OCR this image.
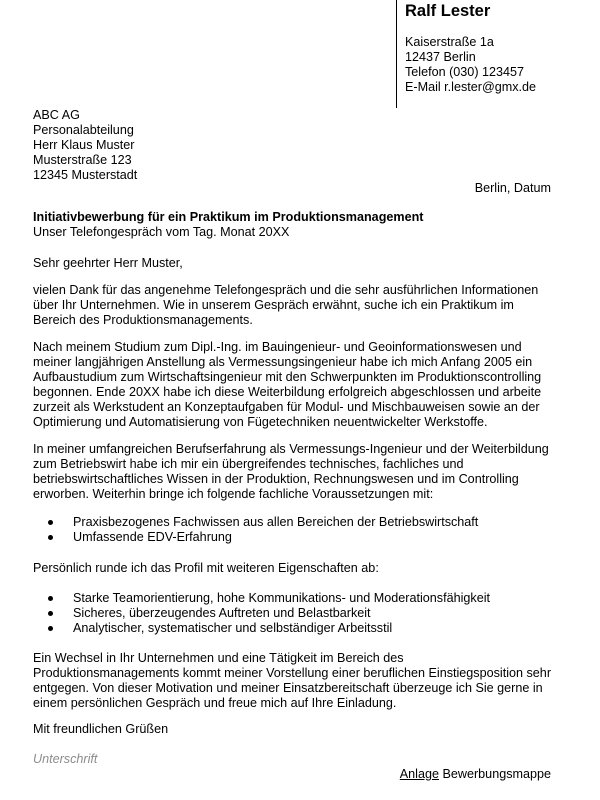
Ralf Lester
Kaiserstraße 1a
12437 Berlin
Telefon (030) 123457
E-Mail r.lester@gmx.de
ABC AG
Personalabteilung
Herr Klaus Muster
Musterstraße 123
12345 Musterstadt
Berlin, Datum
Initiativbewerbung für ein Praktikum im Produktionsmanagement
Unser Telefongespräch vom Tag. Monat 20XX
Sehr geehrter Herr Muster,
vielen Dank für das angenehme Telefongespräch und die sehr ausführlichen Informationen
über Ihr Unternehmen. Wie in unserem Gespräch erwähnt, suche ich ein Praktikum im
Bereich des Produktionsmanagements.
Nach meinem Studium zum Dipl.-Ing. im Bauingenieur- und Geoinformationswesen und
meiner langjährigen Anstellung als Vermessungsingenieur habe ich mich Anfang 2005 ein
Aufbaustudium zum Wirtschaftsingenieur mit den Schwerpunkten im Produktionscontrolling
begonnen. Ende 20XX habe ich diese Weiterbildung erfolgreich abgeschlossen und arbeite
zurzeit als Werkstudent an Konzeptaufgaben für Modul- und Mischbauweisen sowie an der
Optimierung und Automatisierung von Fügetechniken neuentwickelter Werkstoffe.
In meiner umfangreichen Berufserfahrung als Vermessungs-Ingenieur und der Weiterbildung
zum Betriebswirt habe ich mir ein übergreifendes technisches, fachliches und
betriebswirtschaftliches Wissen in der Produktion, Rechnungswesen und im Controlling
erworben. Weiterhin bringe ich folgende fachliche Voraussetzungen mit:
Praxisbezogenes Fachwissen aus allen Bereichen der Betriebswirtschaft
Umfassende EDV-Erfahrung
Persönlich runde ich das Profil mit weiteren Eigenschaften ab:
Starke Teamorientierung, hohe Kommunikations- und Moderationsfähigkeit
Sicheres, überzeugendes Auftreten und Belastbarkeit
Analytischer, systematischer und selbständiger Arbeitsstil
Ein Wechsel in Ihr Unternehmen und eine Tätigkeit im Bereich des
Produktionsmanagements kommt meiner Vorstellung einer beruflichen Einstiegsposition sehr
entgegen. Von dieser Motivation und meiner Einsatzbereitschaft überzeuge ich Sie gerne in
einem persönlichen Gespräch und freue mich auf Ihre Einladung.
Mit freundlichen Grüßen
Unterschrift
Anlage Bewerbungsmappe
